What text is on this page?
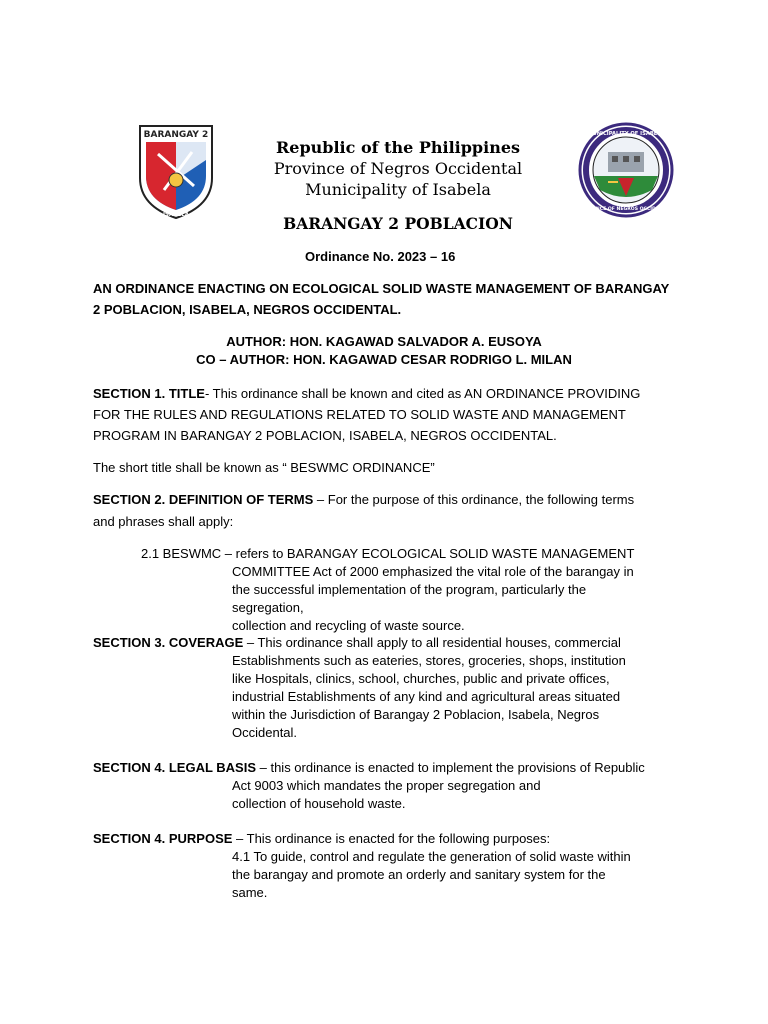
BARANGAY 2
ISABELA
MUNICIPALITY OF ISABELA
PROVINCE OF NEGROS OCCIDENTAL
Republic of the Philippines
Province of Negros Occidental
Municipality of Isabela
BARANGAY 2 POBLACION
Ordinance No. 2023 – 16
AN ORDINANCE ENACTING ON ECOLOGICAL SOLID WASTE MANAGEMENT OF BARANGAY
2 POBLACION, ISABELA, NEGROS OCCIDENTAL.
AUTHOR: HON. KAGAWAD SALVADOR A. EUSOYA
CO – AUTHOR: HON. KAGAWAD CESAR RODRIGO L. MILAN
SECTION 1. TITLE- This ordinance shall be known and cited as AN ORDINANCE PROVIDING
FOR THE RULES AND REGULATIONS RELATED TO SOLID WASTE AND MANAGEMENT
PROGRAM IN BARANGAY 2 POBLACION, ISABELA, NEGROS OCCIDENTAL.
The short title shall be known as “ BESWMC ORDINANCE”
SECTION 2. DEFINITION OF TERMS – For the purpose of this ordinance, the following terms
and phrases shall apply:
2.1 BESWMC – refers to BARANGAY ECOLOGICAL SOLID WASTE MANAGEMENT
COMMITTEE Act of 2000 emphasized the vital role of the barangay in
the successful implementation of the program, particularly the
segregation,
collection and recycling of waste source.
SECTION 3. COVERAGE – This ordinance shall apply to all residential houses, commercial
Establishments such as eateries, stores, groceries, shops, institution
like Hospitals, clinics, school, churches, public and private offices,
industrial Establishments of any kind and agricultural areas situated
within the Jurisdiction of Barangay 2 Poblacion, Isabela, Negros
Occidental.
SECTION 4. LEGAL BASIS – this ordinance is enacted to implement the provisions of Republic
Act 9003 which mandates the proper segregation and
collection of household waste.
SECTION 4. PURPOSE – This ordinance is enacted for the following purposes:
4.1 To guide, control and regulate the generation of solid waste within
the barangay and promote an orderly and sanitary system for the
same.
